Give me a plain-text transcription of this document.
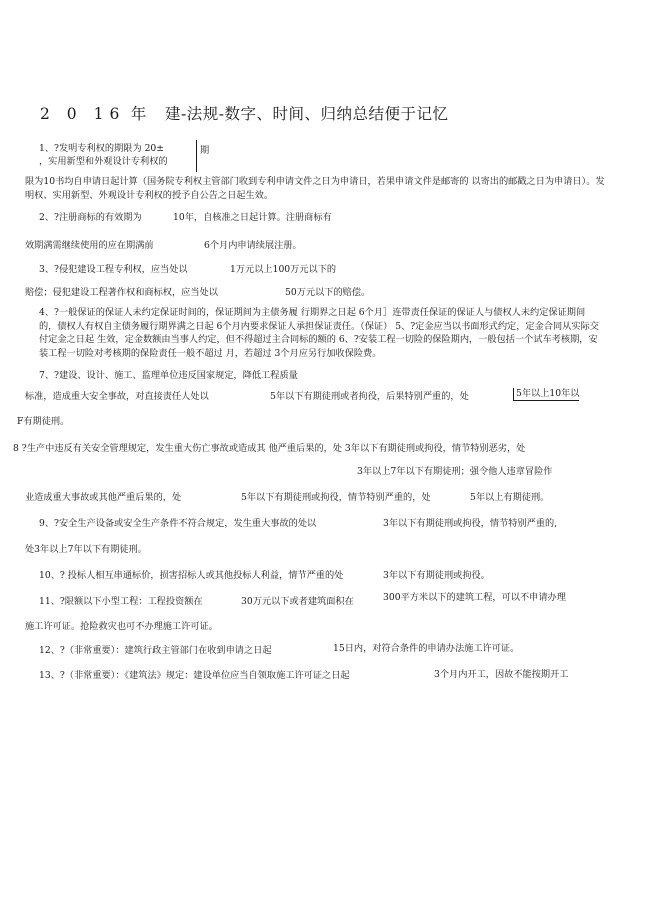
2 0 16 年 建-法规-数字、时间、归纳总结便于记忆
1、?发明专利权的期限为 20±
，实用新型和外观设计专利权的
期
限为10书均自申请日起计算（国务院专利权主管部门收到专利申请文件之日为申请日，若果申请文件是邮寄的 以寄出的邮戳之日为申请日）。发明权、实用新型、外观设计专利权的授予自公告之日起生效。
2、?注册商标的有效期为	10年，自核准之日起计算。注册商标有
效期满需继续使用的应在期满前	6个月内申请续展注册。
3、?侵犯建设工程专利权，应当处以	1万元以上100万元以下的
赔偿；侵犯建设工程著作权和商标权，应当处以	50万元以下的赔偿。
4、?一般保证的保证人未约定保证时间的，保证期间为主债务履 行期界之日起 6个月］连带责任保证的保证人与债权人未约定保证期间的，债权人有权自主债务履行期界满之日起 6个月内要求保证人承担保证责任。（保证） 5、?定金应当以书面形式约定，定金合同从实际交付定金之日起 生效，定金数额由当事人约定，但不得超过主合同标的额的 6、?安装工程一切险的保险期内，一般包括一个试车考核期，安装工程一切险对考核期的保险责任一般不超过 月，若超过 3个月应另行加收保险费。
7、?建设、设计、施工、监理单位违反国家规定，降低工程质量
标准，造成重大安全事故，对直接责任人处以	5年以下有期徒刑或者拘役，后果特别严重的，处	5年以上10年以
F有期徒刑。
8 ?生产中违反有关安全管理规定，发生重大伤亡事故或造成其 他严重后果的，处 3年以下有期徒刑或拘役，情节特别恶劣，处
3年以上7年以下有期徒刑；强令他人违章冒险作
业造成重大事故或其他严重后果的，处	5年以下有期徒刑或拘役，情节特别严重的，处	5年以上有期徒刑。
9、?安全生产设备或安全生产条件不符合规定，发生重大事故的处以	3年以下有期徒刑或拘役，情节特别严重的,
处3年以上7年以下有期徒刑。
10、? 投标人相互串通标价，损害招标人或其他投标人利益，情节严重的处	3年以下有期徒刑或拘役。
11、?限额以下小型工程：工程投资额在	30万元以下或者建筑面积在	300平方米以下的建筑工程，可以不申请办理
施工许可证。抢险救灾也可不办理施工许可证。
12、?（非常重要）：建筑行政主管部门在收到申请之日起	15日内，对符合条件的申请办法施工许可证。
13、?（非常重要）：《建筑法》规定：建设单位应当自领取施工许可证之日起	3个月内开工，因故不能按期开工
